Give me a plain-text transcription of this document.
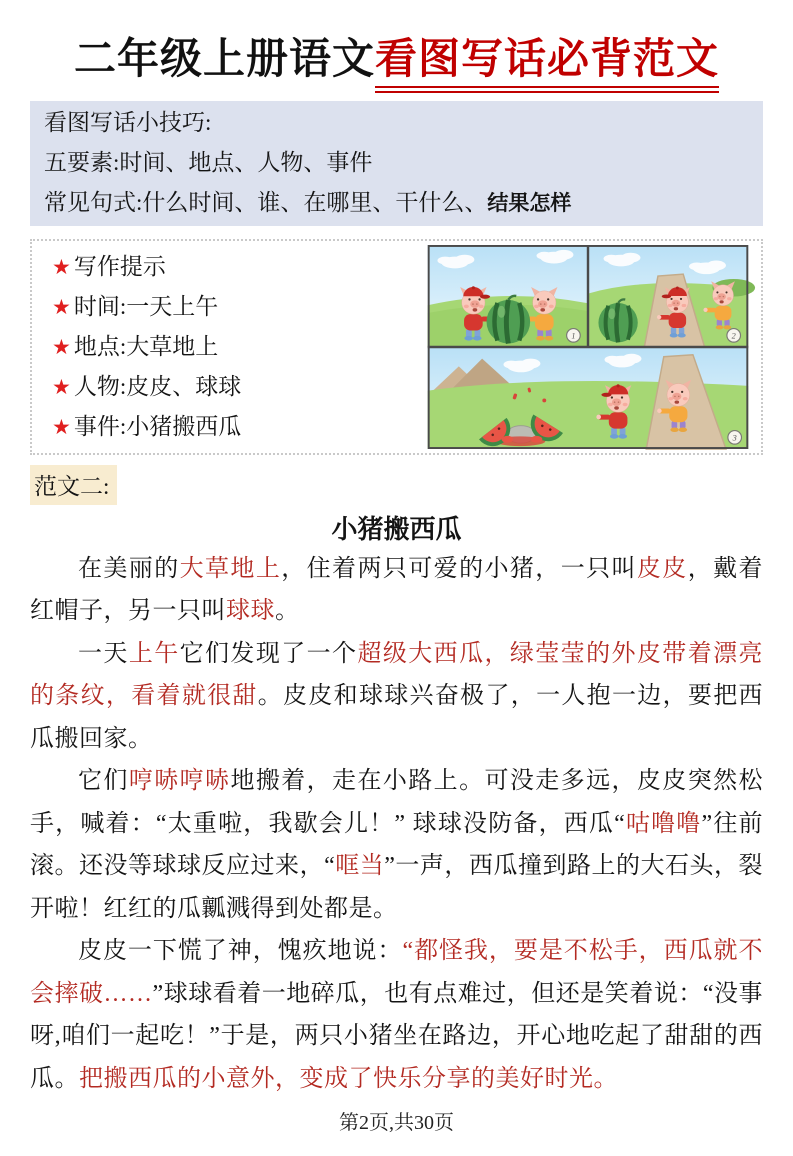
二年级上册语文看图写话必背范文
看图写话小技巧:
五要素:时间、地点、人物、事件
常见句式:什么时间、谁、在哪里、干什么、结果怎样
★ 写作提示
★ 时间:一天上午
★ 地点:大草地上
★ 人物:皮皮、球球
★ 事件:小猪搬西瓜
1	2
3
范文二:
小猪搬西瓜

在美丽的大草地上，住着两只可爱的小猪，一只叫皮皮，戴着红帽子，另一只叫球球。

一天上午它们发现了一个超级大西瓜，绿莹莹的外皮带着漂亮的条纹，看着就很甜。皮皮和球球兴奋极了，一人抱一边，要把西瓜搬回家。

它们哼哧哼哧地搬着，走在小路上。可没走多远，皮皮突然松手，喊着：“太重啦，我歇会儿！” 球球没防备，西瓜“咕噜噜”往前滚。还没等球球反应过来，“哐当”一声，西瓜撞到路上的大石头，裂开啦！红红的瓜瓤溅得到处都是。

皮皮一下慌了神，愧疚地说：“都怪我，要是不松手，西瓜就不会摔破……”球球看着一地碎瓜，也有点难过，但还是笑着说：“没事呀,咱们一起吃！”于是，两只小猪坐在路边，开心地吃起了甜甜的西瓜。把搬西瓜的小意外，变成了快乐分享的美好时光。

第2页,共30页
